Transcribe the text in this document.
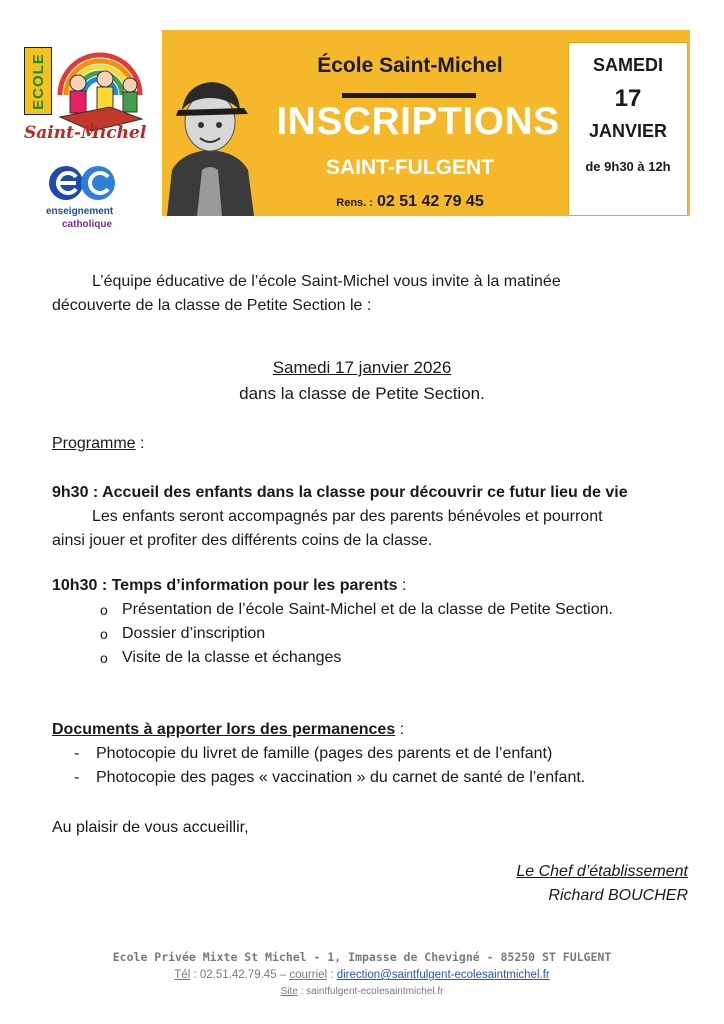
ECOLE
Saint-Michel
enseignement
catholique
École Saint-Michel
INSCRIPTIONS
SAINT-FULGENT
Rens. : 02 51 42 79 45
SAMEDI
17
JANVIER
de 9h30 à 12h
L’équipe éducative de l’école Saint-Michel vous invite à la matinée
découverte de la classe de Petite Section le :
Samedi 17 janvier 2026
dans la classe de Petite Section.
Programme :
9h30 : Accueil des enfants dans la classe pour découvrir ce futur lieu de vie
Les enfants seront accompagnés par des parents bénévoles et pourront
ainsi jouer et profiter des différents coins de la classe.
10h30 : Temps d’information pour les parents :
o Présentation de l’école Saint-Michel et de la classe de Petite Section.
o Dossier d’inscription
o Visite de la classe et échanges
Documents à apporter lors des permanences :
- Photocopie du livret de famille (pages des parents et de l’enfant)
- Photocopie des pages « vaccination » du carnet de santé de l’enfant.
Au plaisir de vous accueillir,
Le Chef d’établissement
Richard BOUCHER
Ecole Privée Mixte St Michel - 1, Impasse de Chevigné - 85250 ST FULGENT
Tél : 02.51.42.79.45 – courriel : direction@saintfulgent-ecolesaintmichel.fr
Site : saintfulgent-ecolesaintmichel.fr
